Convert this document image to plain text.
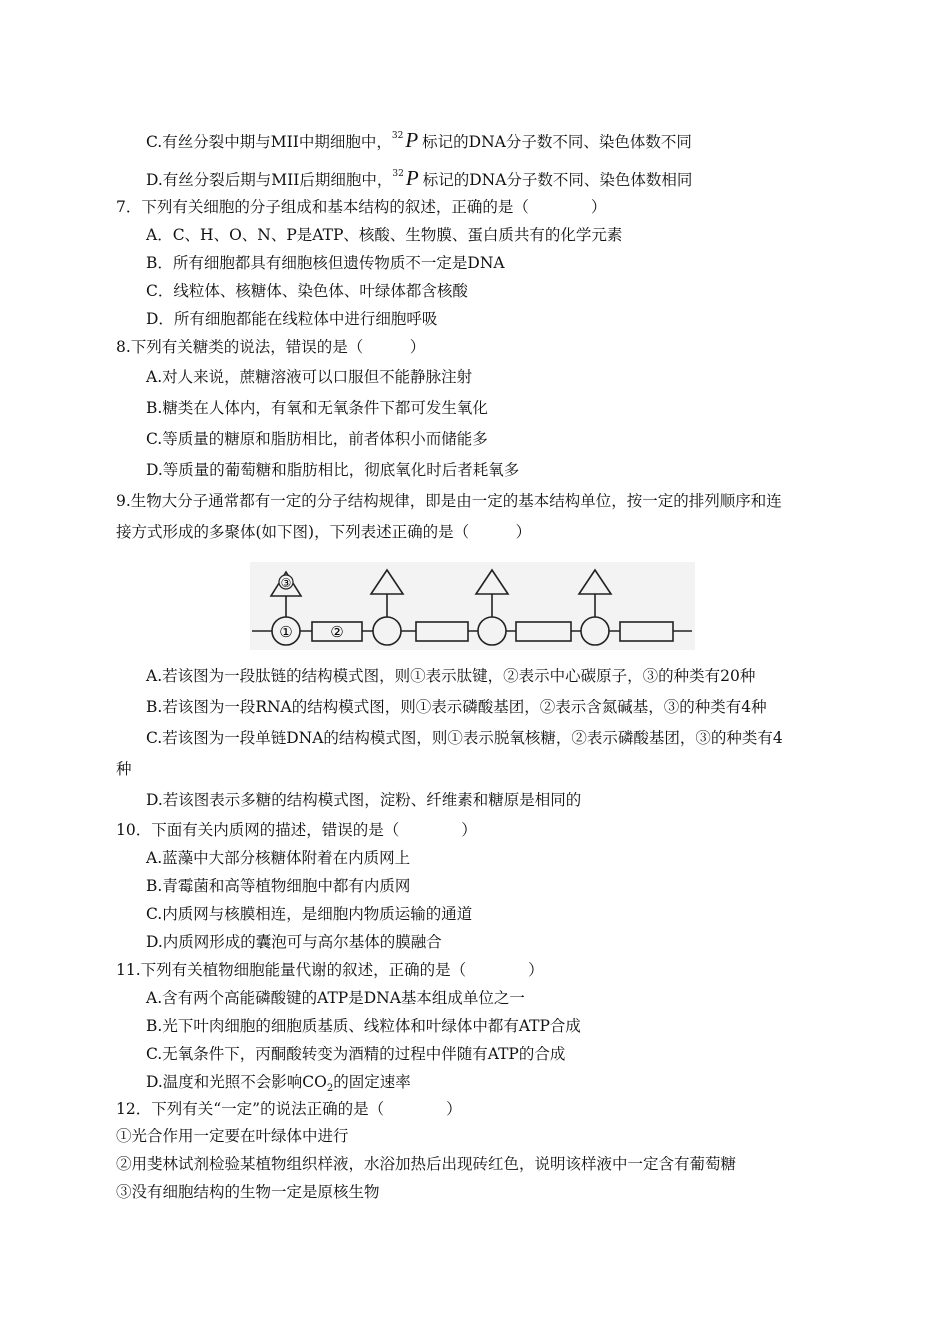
C.有丝分裂中期与MII中期细胞中，$^{32}$P 标记的DNA分子数不同、染色体数不同
D.有丝分裂后期与MII后期细胞中，$^{32}$P 标记的DNA分子数不同、染色体数相同
7．下列有关细胞的分子组成和基本结构的叙述，正确的是（　　　　）
A．C、H、O、N、P是ATP、核酸、生物膜、蛋白质共有的化学元素
B．所有细胞都具有细胞核但遗传物质不一定是DNA
C．线粒体、核糖体、染色体、叶绿体都含核酸
D．所有细胞都能在线粒体中进行细胞呼吸
8.下列有关糖类的说法，错误的是（　　　）
A.对人来说，蔗糖溶液可以口服但不能静脉注射
B.糖类在人体内，有氧和无氧条件下都可发生氧化
C.等质量的糖原和脂肪相比，前者体积小而储能多
D.等质量的葡萄糖和脂肪相比，彻底氧化时后者耗氧多
9.生物大分子通常都有一定的分子结构规律，即是由一定的基本结构单位，按一定的排列顺序和连
接方式形成的多聚体(如下图)，下列表述正确的是（　　　）
③
①	②
A.若该图为一段肽链的结构模式图，则①表示肽键，②表示中心碳原子，③的种类有20种
B.若该图为一段RNA的结构模式图，则①表示磷酸基团，②表示含氮碱基，③的种类有4种
C.若该图为一段单链DNA的结构模式图，则①表示脱氧核糖，②表示磷酸基团，③的种类有4
种
D.若该图表示多糖的结构模式图，淀粉、纤维素和糖原是相同的
10．下面有关内质网的描述，错误的是（　　　　）
A.蓝藻中大部分核糖体附着在内质网上
B.青霉菌和高等植物细胞中都有内质网
C.内质网与核膜相连，是细胞内物质运输的通道
D.内质网形成的囊泡可与高尔基体的膜融合
11.下列有关植物细胞能量代谢的叙述，正确的是（　　　　）
A.含有两个高能磷酸键的ATP是DNA基本组成单位之一
B.光下叶肉细胞的细胞质基质、线粒体和叶绿体中都有ATP合成
C.无氧条件下，丙酮酸转变为酒精的过程中伴随有ATP的合成
D.温度和光照不会影响$CO_2$的固定速率
12．下列有关“一定”的说法正确的是（　　　　）
①光合作用一定要在叶绿体中进行
②用斐林试剂检验某植物组织样液，水浴加热后出现砖红色，说明该样液中一定含有葡萄糖
③没有细胞结构的生物一定是原核生物
